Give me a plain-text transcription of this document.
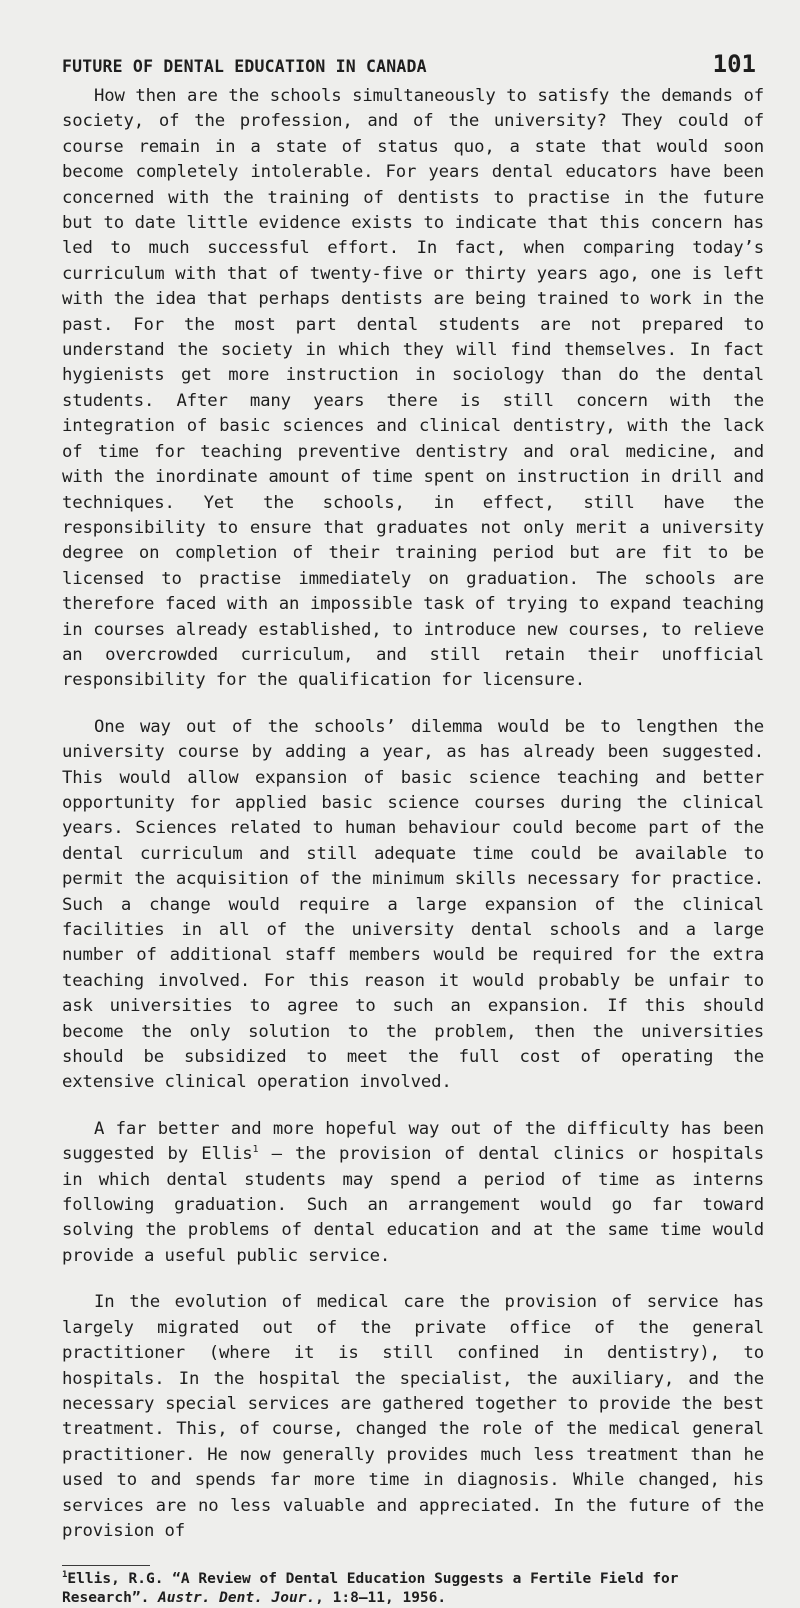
FUTURE OF DENTAL EDUCATION IN CANADA	101

How then are the schools simultaneously to satisfy the demands of society, of the profession, and of the university? They could of course remain in a state of status quo, a state that would soon become completely intolerable. For years dental educators have been concerned with the training of dentists to practise in the future but to date little evidence exists to indicate that this concern has led to much successful effort. In fact, when comparing today’s curriculum with that of twenty-five or thirty years ago, one is left with the idea that perhaps dentists are being trained to work in the past. For the most part dental students are not prepared to understand the society in which they will find themselves. In fact hygienists get more instruction in sociology than do the dental students. After many years there is still concern with the integration of basic sciences and clinical dentistry, with the lack of time for teaching preventive dentistry and oral medicine, and with the inordinate amount of time spent on instruction in drill and techniques. Yet the schools, in effect, still have the responsibility to ensure that graduates not only merit a university degree on completion of their training period but are fit to be licensed to practise immediately on graduation. The schools are therefore faced with an impossible task of trying to expand teaching in courses already established, to introduce new courses, to relieve an overcrowded curriculum, and still retain their unofficial responsibility for the qualification for licensure.

One way out of the schools’ dilemma would be to lengthen the university course by adding a year, as has already been suggested. This would allow expansion of basic science teaching and better opportunity for applied basic science courses during the clinical years. Sciences related to human behaviour could become part of the dental curriculum and still adequate time could be available to permit the acquisition of the minimum skills necessary for practice. Such a change would require a large expansion of the clinical facilities in all of the university dental schools and a large number of additional staff members would be required for the extra teaching involved. For this reason it would probably be unfair to ask universities to agree to such an expansion. If this should become the only solution to the problem, then the universities should be subsidized to meet the full cost of operating the extensive clinical operation involved.

A far better and more hopeful way out of the difficulty has been suggested by Ellis$^1$ — the provision of dental clinics or hospitals in which dental students may spend a period of time as interns following graduation. Such an arrangement would go far toward solving the problems of dental education and at the same time would provide a useful public service.

In the evolution of medical care the provision of service has largely migrated out of the private office of the general practitioner (where it is still confined in dentistry), to hospitals. In the hospital the specialist, the auxiliary, and the necessary special services are gathered together to provide the best treatment. This, of course, changed the role of the medical general practitioner. He now generally provides much less treatment than he used to and spends far more time in diagnosis. While changed, his services are no less valuable and appreciated. In the future of the provision of

$^1$Ellis, R.G. “A Review of Dental Education Suggests a Fertile Field for Research”. Austr. Dent. Jour., 1:8—11, 1956.
